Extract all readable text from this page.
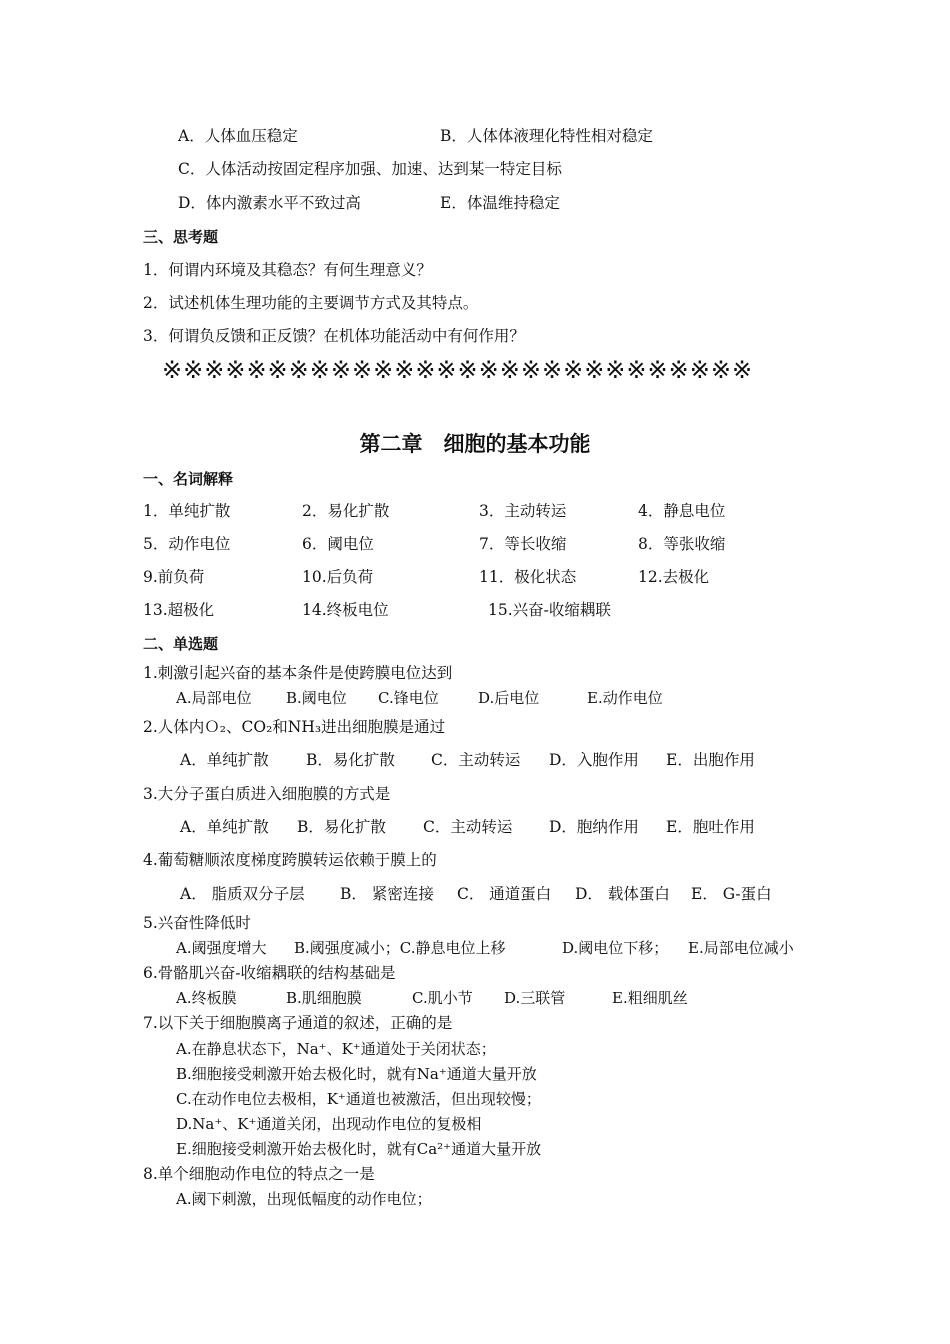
A．人体血压稳定	B．人体体液理化特性相对稳定
C．人体活动按固定程序加强、加速、达到某一特定目标
D．体内激素水平不致过高	E．体温维持稳定
三、思考题
1．何谓内环境及其稳态？有何生理意义？
2．试述机体生理功能的主要调节方式及其特点。
3．何谓负反馈和正反馈？在机体功能活动中有何作用？
※※※※※※※※※※※※※※※※※※※※※※※※※※※※
第二章　细胞的基本功能
一、名词解释
1．单纯扩散	2．易化扩散	3．主动转运	4．静息电位
5．动作电位	6．阈电位	7．等长收缩	8．等张收缩
9.前负荷	10.后负荷	11．极化状态	12.去极化
13.超极化	14.终板电位	15.兴奋-收缩耦联
二、单选题
1.刺激引起兴奋的基本条件是使跨膜电位达到
A.局部电位 B.阈电位 C.锋电位	D.后电位	E.动作电位
2.人体内Ｏ₂、CO₂和NH₃进出细胞膜是通过
A．单纯扩散 B．易化扩散 C．主动转运 D．入胞作用 E．出胞作用
3.大分子蛋白质进入细胞膜的方式是
A．单纯扩散 B．易化扩散 C．主动转运 D．胞纳作用 E．胞吐作用
4.葡萄糖顺浓度梯度跨膜转运依赖于膜上的
A． 脂质双分子层 B． 紧密连接 C． 通道蛋白 D． 载体蛋白 E． G-蛋白
5.兴奋性降低时
A.阈强度增大 B.阈强度减小；C.静息电位上移	D.阈电位下移； E.局部电位减小
6.骨骼肌兴奋-收缩耦联的结构基础是
A.终板膜	B.肌细胞膜	C.肌小节 D.三联管	E.粗细肌丝
7.以下关于细胞膜离子通道的叙述，正确的是
A.在静息状态下，Na⁺、K⁺通道处于关闭状态；
B.细胞接受刺激开始去极化时，就有Na⁺通道大量开放
C.在动作电位去极相，K⁺通道也被激活，但出现较慢；
D.Na⁺、K⁺通道关闭，出现动作电位的复极相
E.细胞接受刺激开始去极化时，就有Ca²⁺通道大量开放
8.单个细胞动作电位的特点之一是
A.阈下刺激，出现低幅度的动作电位；
